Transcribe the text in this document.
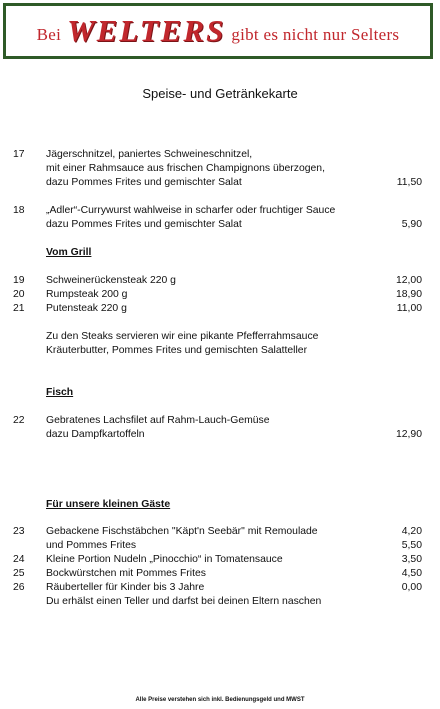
Bei WELTERS gibt es nicht nur Selters
Speise- und Getränkekarte
17 Jägerschnitzel, paniertes Schweineschnitzel,
mit einer Rahmsauce aus frischen Champignons überzogen,
dazu Pommes Frites und gemischter Salat	11,50
18 „Adler“-Currywurst wahlweise in scharfer oder fruchtiger Sauce
dazu Pommes Frites und gemischter Salat	5,90
Vom Grill
19 Schweinerückensteak 220 g	12,00
20 Rumpsteak 200 g	18,90
21 Putensteak 220 g	11,00
Zu den Steaks servieren wir eine pikante Pfefferrahmsauce
Kräuterbutter, Pommes Frites und gemischten Salatteller
Fisch
22 Gebratenes Lachsfilet auf Rahm-Lauch-Gemüse
dazu Dampfkartoffeln	12,90
Für unsere kleinen Gäste
23 Gebackene Fischstäbchen "Käpt'n Seebär" mit Remoulade	4,20
und Pommes Frites	5,50
24 Kleine Portion Nudeln „Pinocchio“ in Tomatensauce	3,50
25 Bockwürstchen mit Pommes Frites	4,50
26 Räuberteller für Kinder bis 3 Jahre	0,00
Du erhälst einen Teller und darfst bei deinen Eltern naschen
Alle Preise verstehen sich inkl. Bedienungsgeld und MWST
